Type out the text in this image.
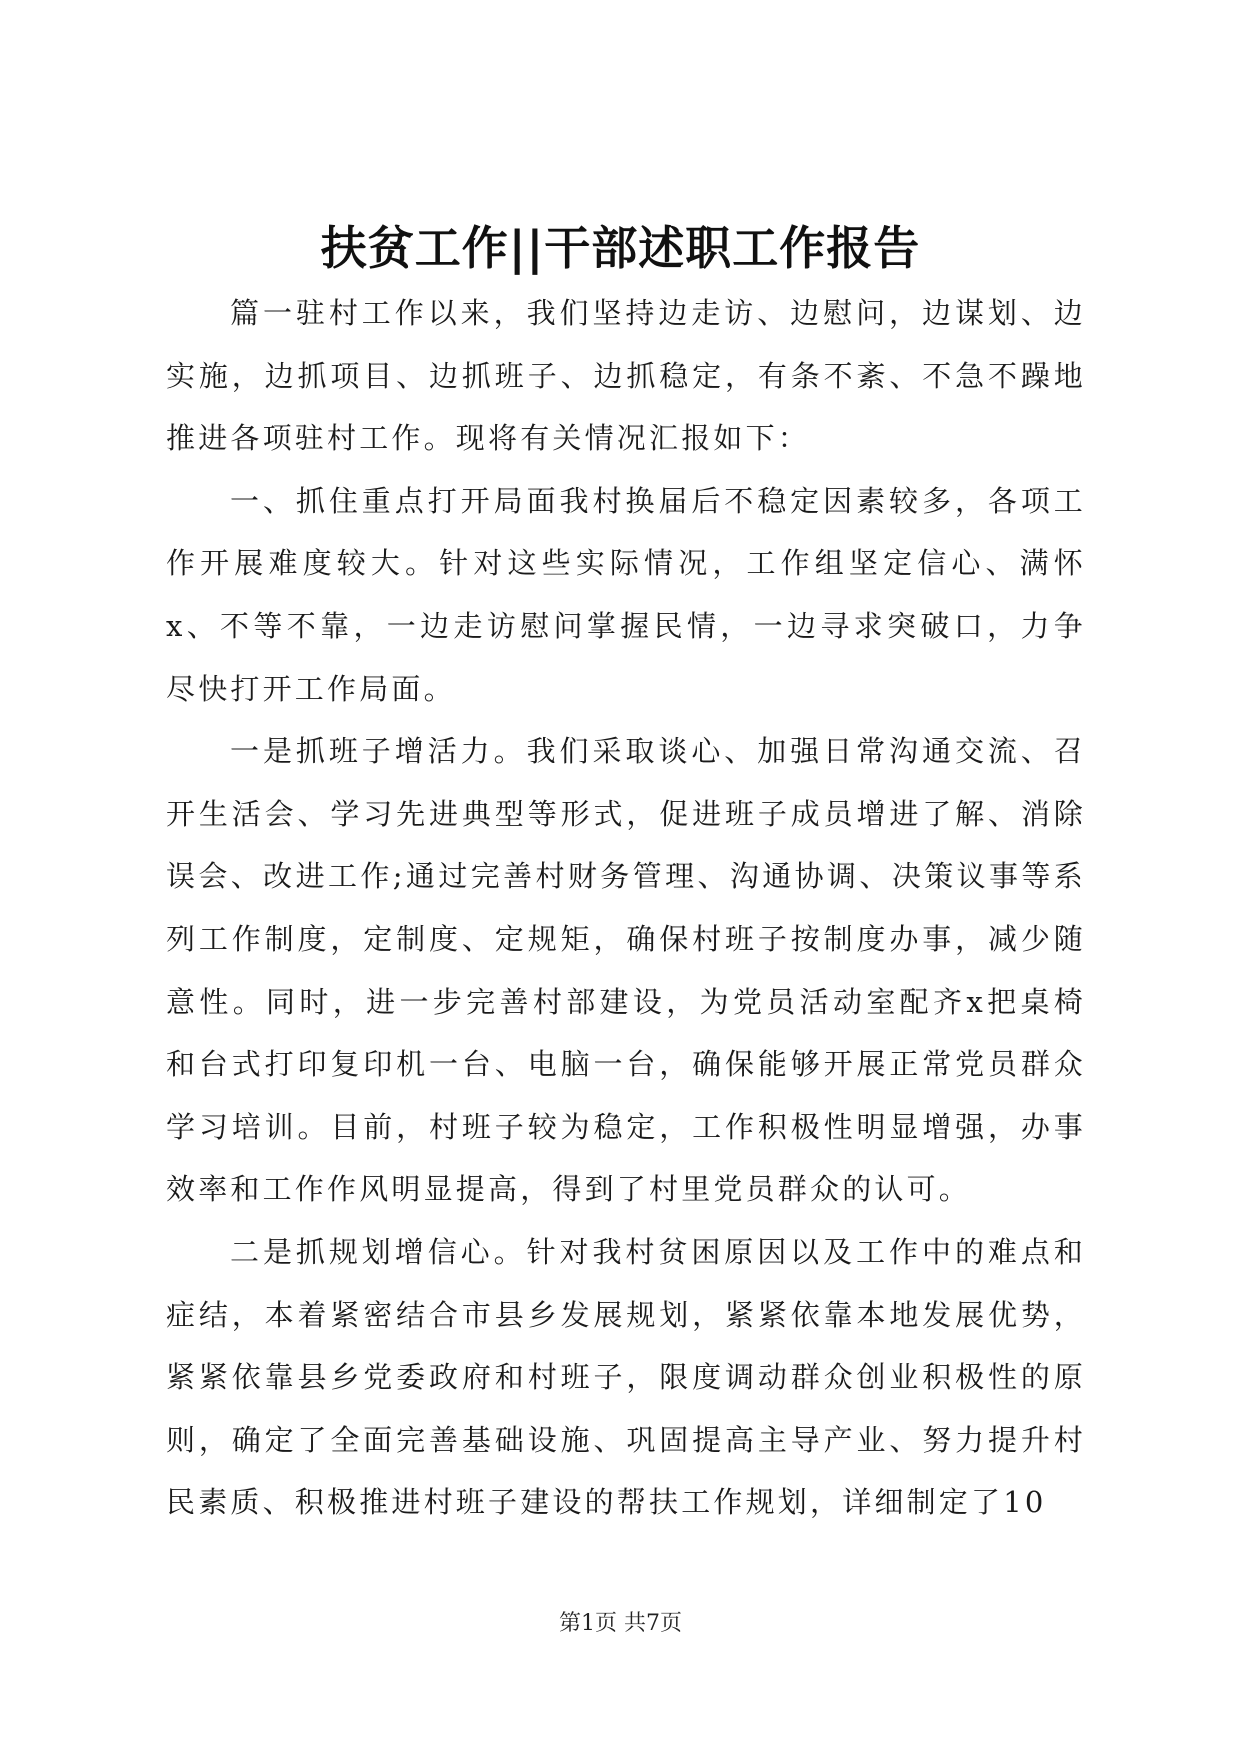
扶贫工作||干部述职工作报告

篇一驻村工作以来，我们坚持边走访、边慰问，边谋划、边实施，边抓项目、边抓班子、边抓稳定，有条不紊、不急不躁地推进各项驻村工作。现将有关情况汇报如下：

一、抓住重点打开局面我村换届后不稳定因素较多，各项工作开展难度较大。针对这些实际情况，工作组坚定信心、满怀x、不等不靠，一边走访慰问掌握民情，一边寻求突破口，力争尽快打开工作局面。

一是抓班子增活力。我们采取谈心、加强日常沟通交流、召开生活会、学习先进典型等形式，促进班子成员增进了解、消除误会、改进工作;通过完善村财务管理、沟通协调、决策议事等系列工作制度，定制度、定规矩，确保村班子按制度办事，减少随意性。同时，进一步完善村部建设，为党员活动室配齐x把桌椅和台式打印复印机一台、电脑一台，确保能够开展正常党员群众学习培训。目前，村班子较为稳定，工作积极性明显增强，办事效率和工作作风明显提高，得到了村里党员群众的认可。

二是抓规划增信心。针对我村贫困原因以及工作中的难点和症结，本着紧密结合市县乡发展规划，紧紧依靠本地发展优势，紧紧依靠县乡党委政府和村班子，限度调动群众创业积极性的原则，确定了全面完善基础设施、巩固提高主导产业、努力提升村民素质、积极推进村班子建设的帮扶工作规划，详细制定了10

第1页 共7页
